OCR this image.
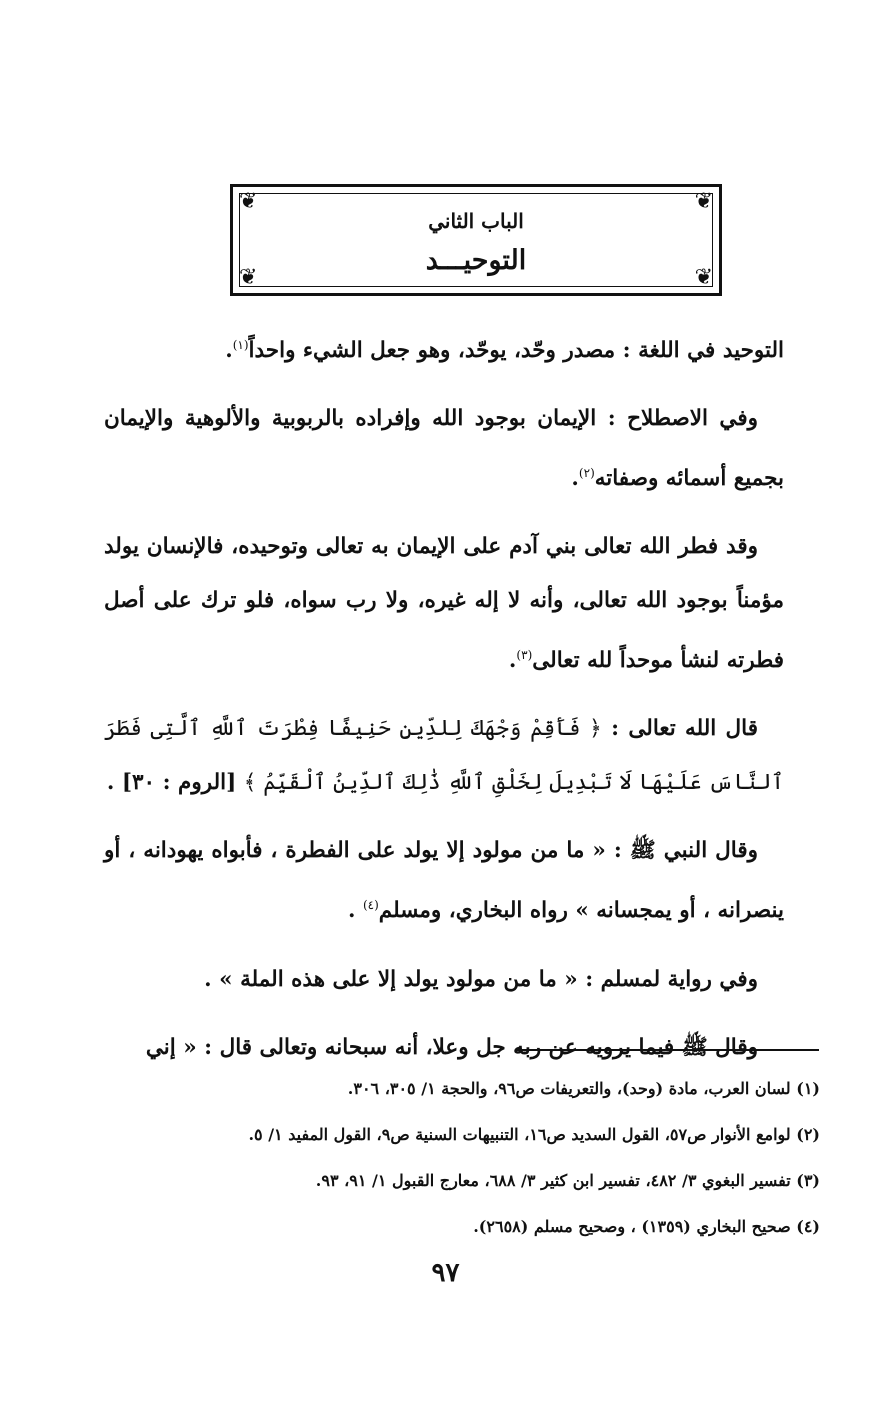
❦	❦
❦	❦
الباب الثاني
التوحيـــد

التوحيد في اللغة : مصدر وحّد، يوحّد، وهو جعل الشيء واحداً$^{(١)}$.

وفي الاصطلاح : الإيمان بوجود الله وإفراده بالربوبية والألوهية والإيمان بجميع أسمائه وصفاته$^{(٢)}$.

وقد فطر الله تعالى بني آدم على الإيمان به تعالى وتوحيده، فالإنسان يولد مؤمناً بوجود الله تعالى، وأنه لا إله غيره، ولا رب سواه، فلو ترك على أصل فطرته لنشأ موحداً لله تعالى$^{(٣)}$.

قال الله تعالى : ﴿ فَأَقِمْ وَجْهَكَ لِلدِّينِ حَنِيفًا فِطْرَتَ ٱللَّهِ ٱلَّتِى فَطَرَ ٱلنَّاسَ عَلَيْهَا لَا تَبْدِيلَ لِخَلْقِ ٱللَّهِ ذَٰلِكَ ٱلدِّينُ ٱلْقَيِّمُ ﴾ [الروم : ٣٠] .

وقال النبي ﷺ : « ما من مولود إلا يولد على الفطرة ، فأبواه يهودانه ، أو ينصرانه ، أو يمجسانه » رواه البخاري، ومسلم$^{(٤)}$ .

وفي رواية لمسلم : « ما من مولود يولد إلا على هذه الملة » .

وقال ﷺ فيما يرويه عن ربه جل وعلا، أنه سبحانه وتعالى قال : « إني

(١) لسان العرب، مادة (وحد)، والتعريفات ص٩٦، والحجة ١/ ٣٠٥، ٣٠٦.

(٢) لوامع الأنوار ص٥٧، القول السديد ص١٦، التنبيهات السنية ص٩، القول المفيد ١/ ٥.

(٣) تفسير البغوي ٣/ ٤٨٢، تفسير ابن كثير ٣/ ٦٨٨، معارج القبول ١/ ٩١، ٩٣.

(٤) صحيح البخاري (١٣٥٩) ، وصحيح مسلم (٢٦٥٨).

٩٧
